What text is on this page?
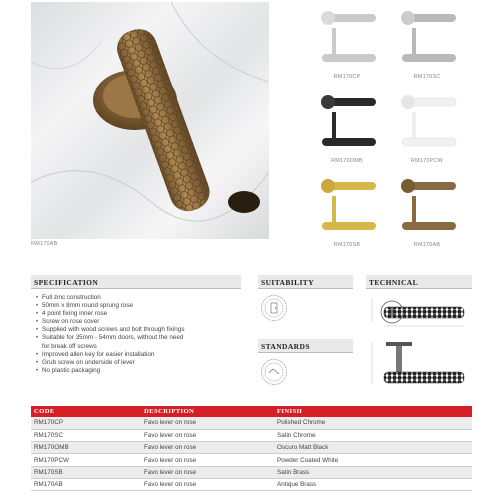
RM170AB
RM170CP	RM170SC
RM170OMB	RM170PCW
RM170SB	RM170AB
SPECIFICATION
• Full zinc construction
• 50mm x 8mm round sprung rose
• 4 point fixing inner rose
• Screw on rose cover
• Supplied with wood screws and bolt through fixings
• Suitable for 35mm - 54mm doors, without the need
for break off screws
• Improved allen key for easier installation
• Grub screw on underside of lever
• No plastic packaging
SUITABILITY
STANDARDS
TECHNICAL
CODE	DESCRIPTION	FINISH
RM170CP	Favo lever on rose	Polished Chrome
RM170SC	Favo lever on rose	Satin Chrome
RM170OMB	Favo lever on rose	Oscuro Matt Black
RM170PCW	Favo lever on rose	Powder Coated White
RM170SB	Favo lever on rose	Satin Brass
RM170AB	Favo lever on rose	Antique Brass
